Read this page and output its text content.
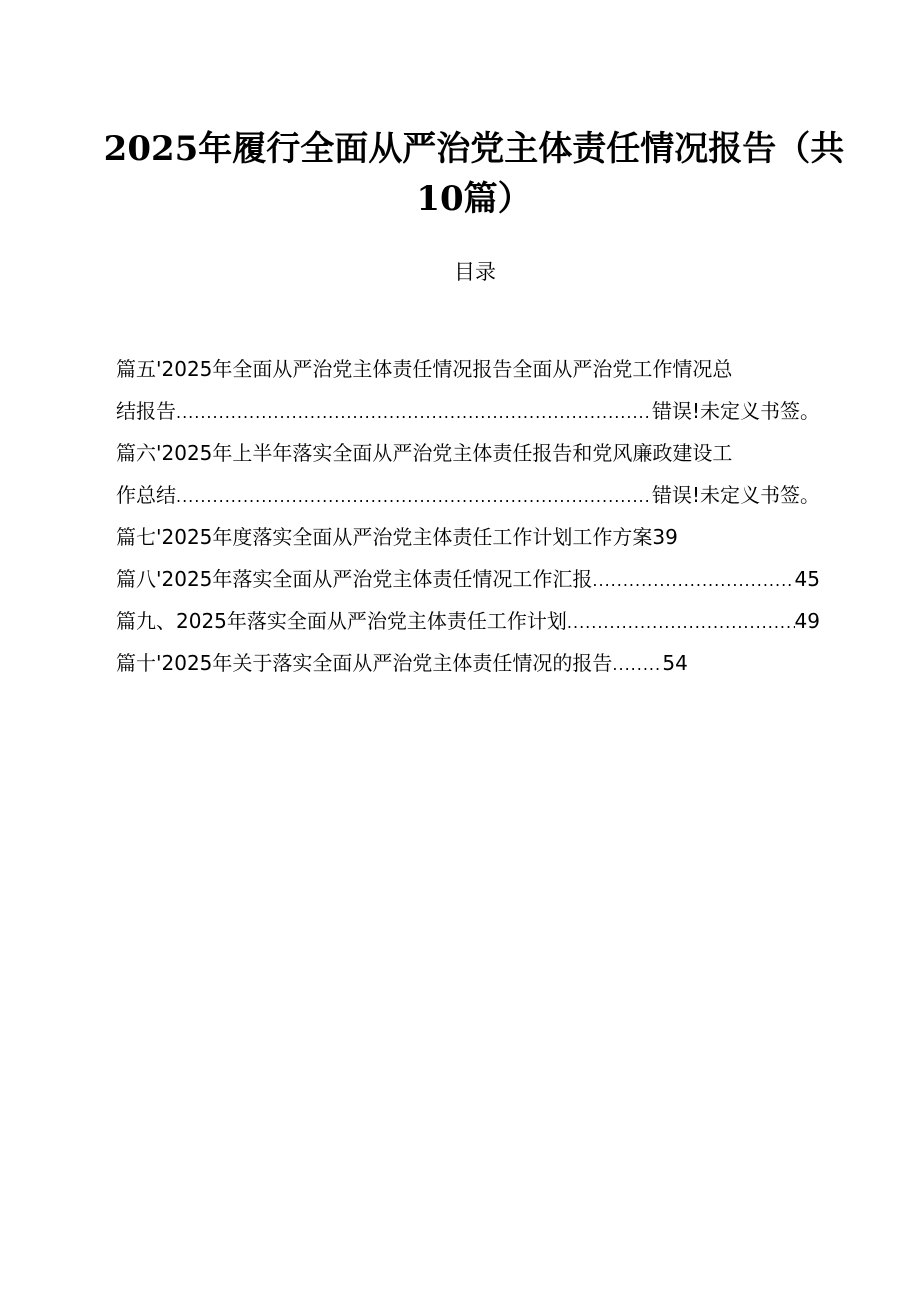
2025年履行全面从严治党主体责任情况报告（共
10篇）
目录
篇五'2025年全面从严治党主体责任情况报告全面从严治党工作情况总
结报告 .....	错误!未定义书签。
篇六'2025年上半年落实全面从严治党主体责任报告和党风廉政建设工
作总结 .....	错误!未定义书签。
篇七'2025年度落实全面从严治党主体责任工作计划工作方案 39
篇八'2025年落实全面从严治党主体责任情况工作汇报 .....	45
篇九、2025年落实全面从严治党主体责任工作计划 .....	49
篇十'2025年关于落实全面从严治党主体责任情况的报告 .....	54
